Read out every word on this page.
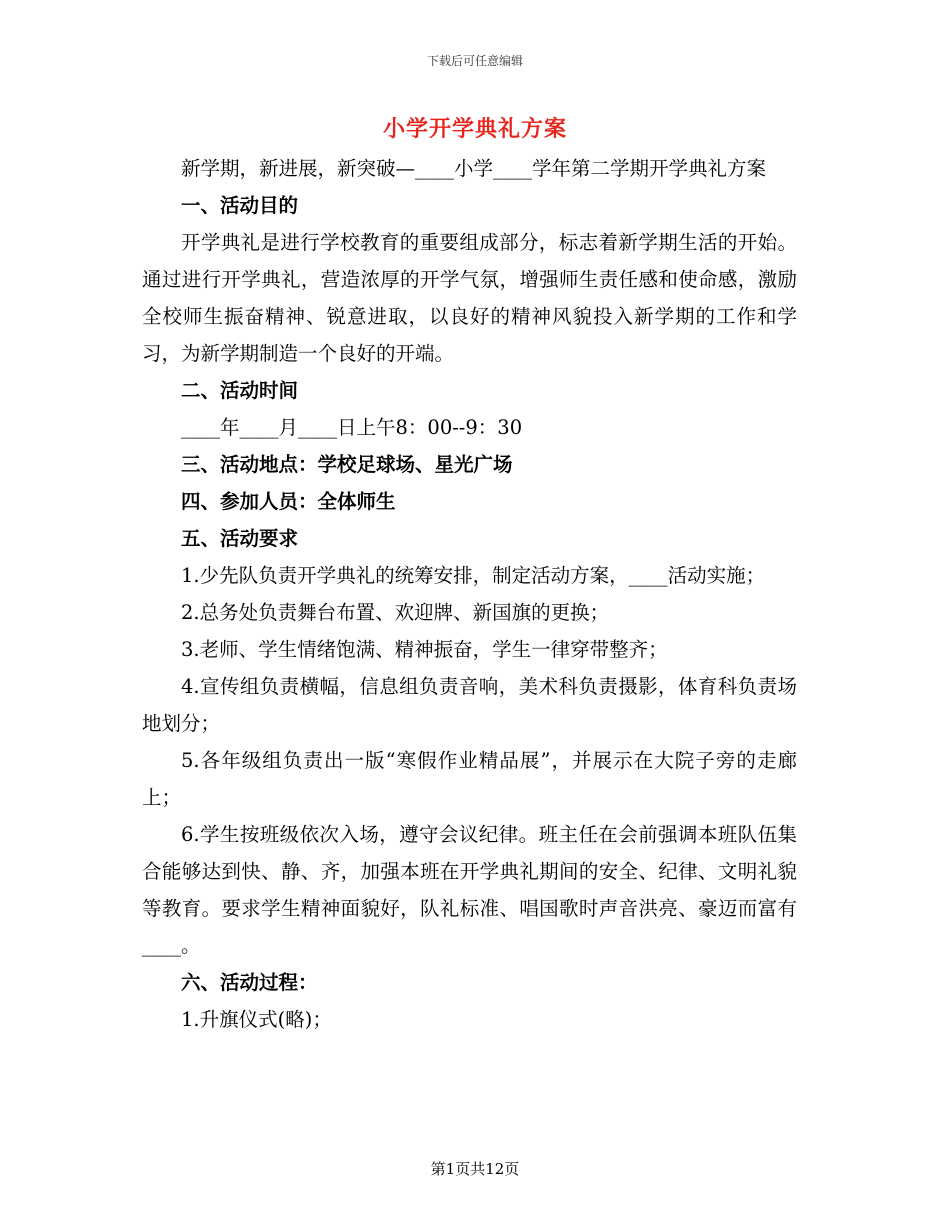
下载后可任意编辑
小学开学典礼方案

新学期，新进展，新突破—____小学____学年第二学期开学典礼方案

一、活动目的

开学典礼是进行学校教育的重要组成部分，标志着新学期生活的开始。通过进行开学典礼，营造浓厚的开学气氛，增强师生责任感和使命感，激励全校师生振奋精神、锐意进取，以良好的精神风貌投入新学期的工作和学习，为新学期制造一个良好的开端。

二、活动时间

____年____月____日上午8：00--9：30

三、活动地点：学校足球场、星光广场

四、参加人员：全体师生

五、活动要求

1.少先队负责开学典礼的统筹安排，制定活动方案，____活动实施；

2.总务处负责舞台布置、欢迎牌、新国旗的更换；

3.老师、学生情绪饱满、精神振奋，学生一律穿带整齐；

4.宣传组负责横幅，信息组负责音响，美术科负责摄影，体育科负责场地划分；

5.各年级组负责出一版“寒假作业精品展”，并展示在大院子旁的走廊上；

6.学生按班级依次入场，遵守会议纪律。班主任在会前强调本班队伍集合能够达到快、静、齐，加强本班在开学典礼期间的安全、纪律、文明礼貌等教育。要求学生精神面貌好，队礼标准、唱国歌时声音洪亮、豪迈而富有____。

六、活动过程：

1.升旗仪式(略)；

第1页共12页
